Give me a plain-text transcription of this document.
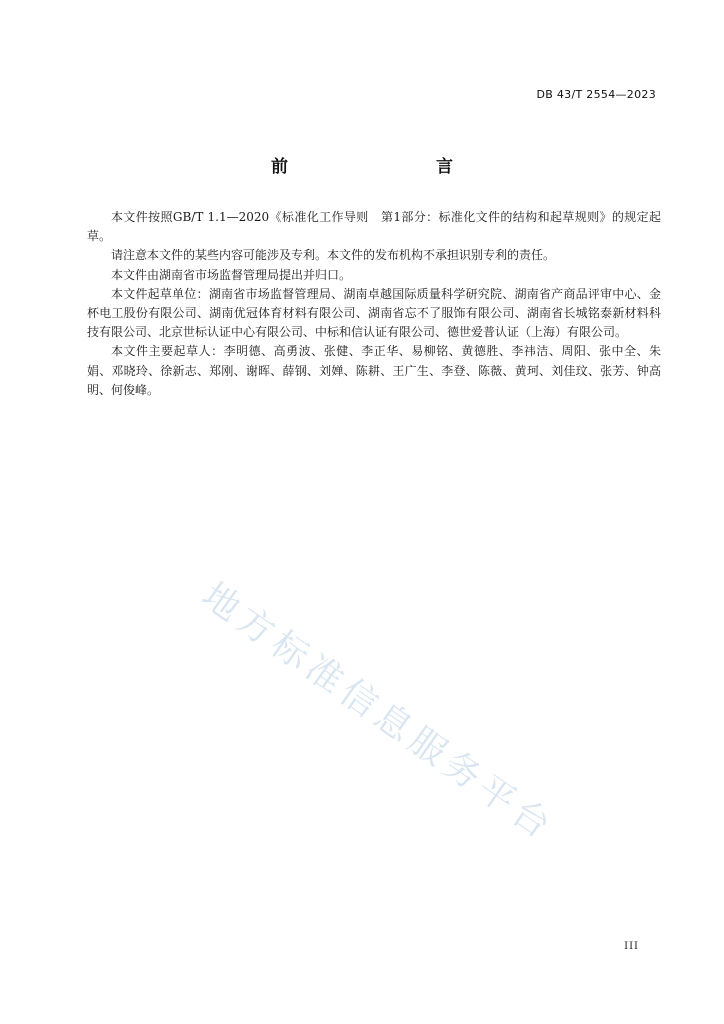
DB 43/T 2554—2023
前　　言

本文件按照GB/T 1.1—2020《标准化工作导则　第1部分：标准化文件的结构和起草规则》的规定起草。

请注意本文件的某些内容可能涉及专利。本文件的发布机构不承担识别专利的责任。

本文件由湖南省市场监督管理局提出并归口。

本文件起草单位：湖南省市场监督管理局、湖南卓越国际质量科学研究院、湖南省产商品评审中心、金杯电工股份有限公司、湖南优冠体育材料有限公司、湖南省忘不了服饰有限公司、湖南省长城铭泰新材料科技有限公司、北京世标认证中心有限公司、中标和信认证有限公司、德世爱普认证（上海）有限公司。

本文件主要起草人：李明德、高勇波、张健、李正华、易柳铭、黄德胜、李祎洁、周阳、张中全、朱娟、邓晓玲、徐新志、郑刚、谢晖、薛钢、刘婵、陈耕、王广生、李登、陈薇、黄珂、刘佳玟、张芳、钟高明、何俊峰。

地方标准信息服务平台
III
